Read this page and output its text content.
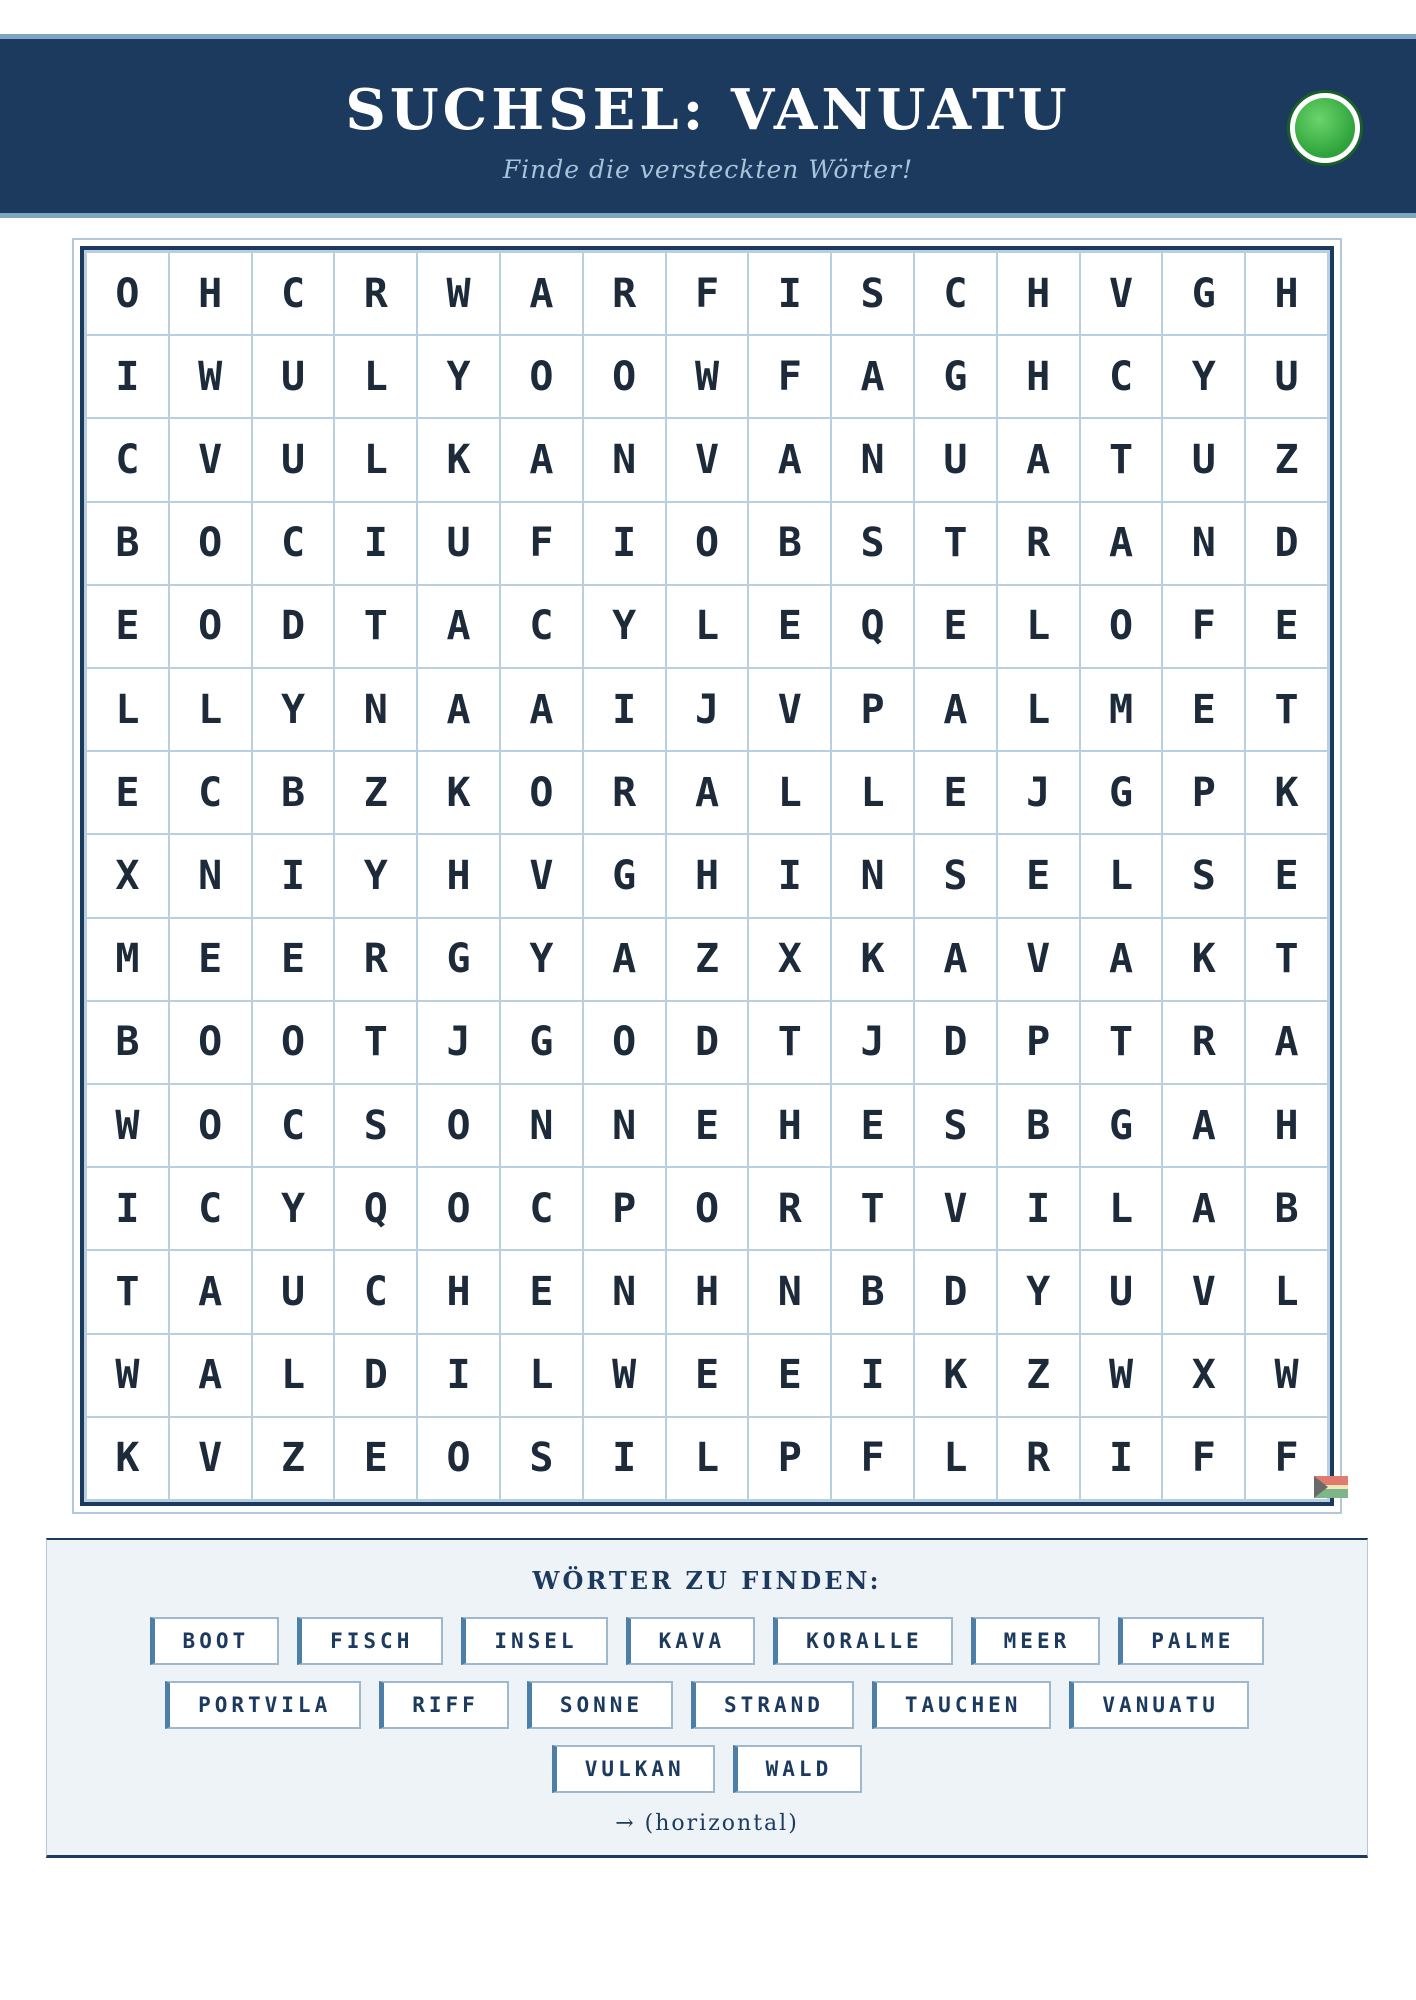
SUCHSEL: VANUATU
Finde die versteckten Wörter!
O	H	C	R	W	A	R	F	I	S	C	H	V	G	H
I	W	U	L	Y	O	O	W	F	A	G	H	C	Y	U
C	V	U	L	K	A	N	V	A	N	U	A	T	U	Z
B	O	C	I	U	F	I	O	B	S	T	R	A	N	D
E	O	D	T	A	C	Y	L	E	Q	E	L	O	F	E
L	L	Y	N	A	A	I	J	V	P	A	L	M	E	T
E	C	B	Z	K	O	R	A	L	L	E	J	G	P	K
X	N	I	Y	H	V	G	H	I	N	S	E	L	S	E
M	E	E	R	G	Y	A	Z	X	K	A	V	A	K	T
B	O	O	T	J	G	O	D	T	J	D	P	T	R	A
W	O	C	S	O	N	N	E	H	E	S	B	G	A	H
I	C	Y	Q	O	C	P	O	R	T	V	I	L	A	B
T	A	U	C	H	E	N	H	N	B	D	Y	U	V	L
W	A	L	D	I	L	W	E	E	I	K	Z	W	X	W
K	V	Z	E	O	S	I	L	P	F	L	R	I	F	F
WÖRTER ZU FINDEN:
BOOT	FISCH	INSEL	KAVA	KORALLE	MEER	PALME
PORTVILA	RIFF	SONNE	STRAND	TAUCHEN	VANUATU
VULKAN	WALD
→ (horizontal)
